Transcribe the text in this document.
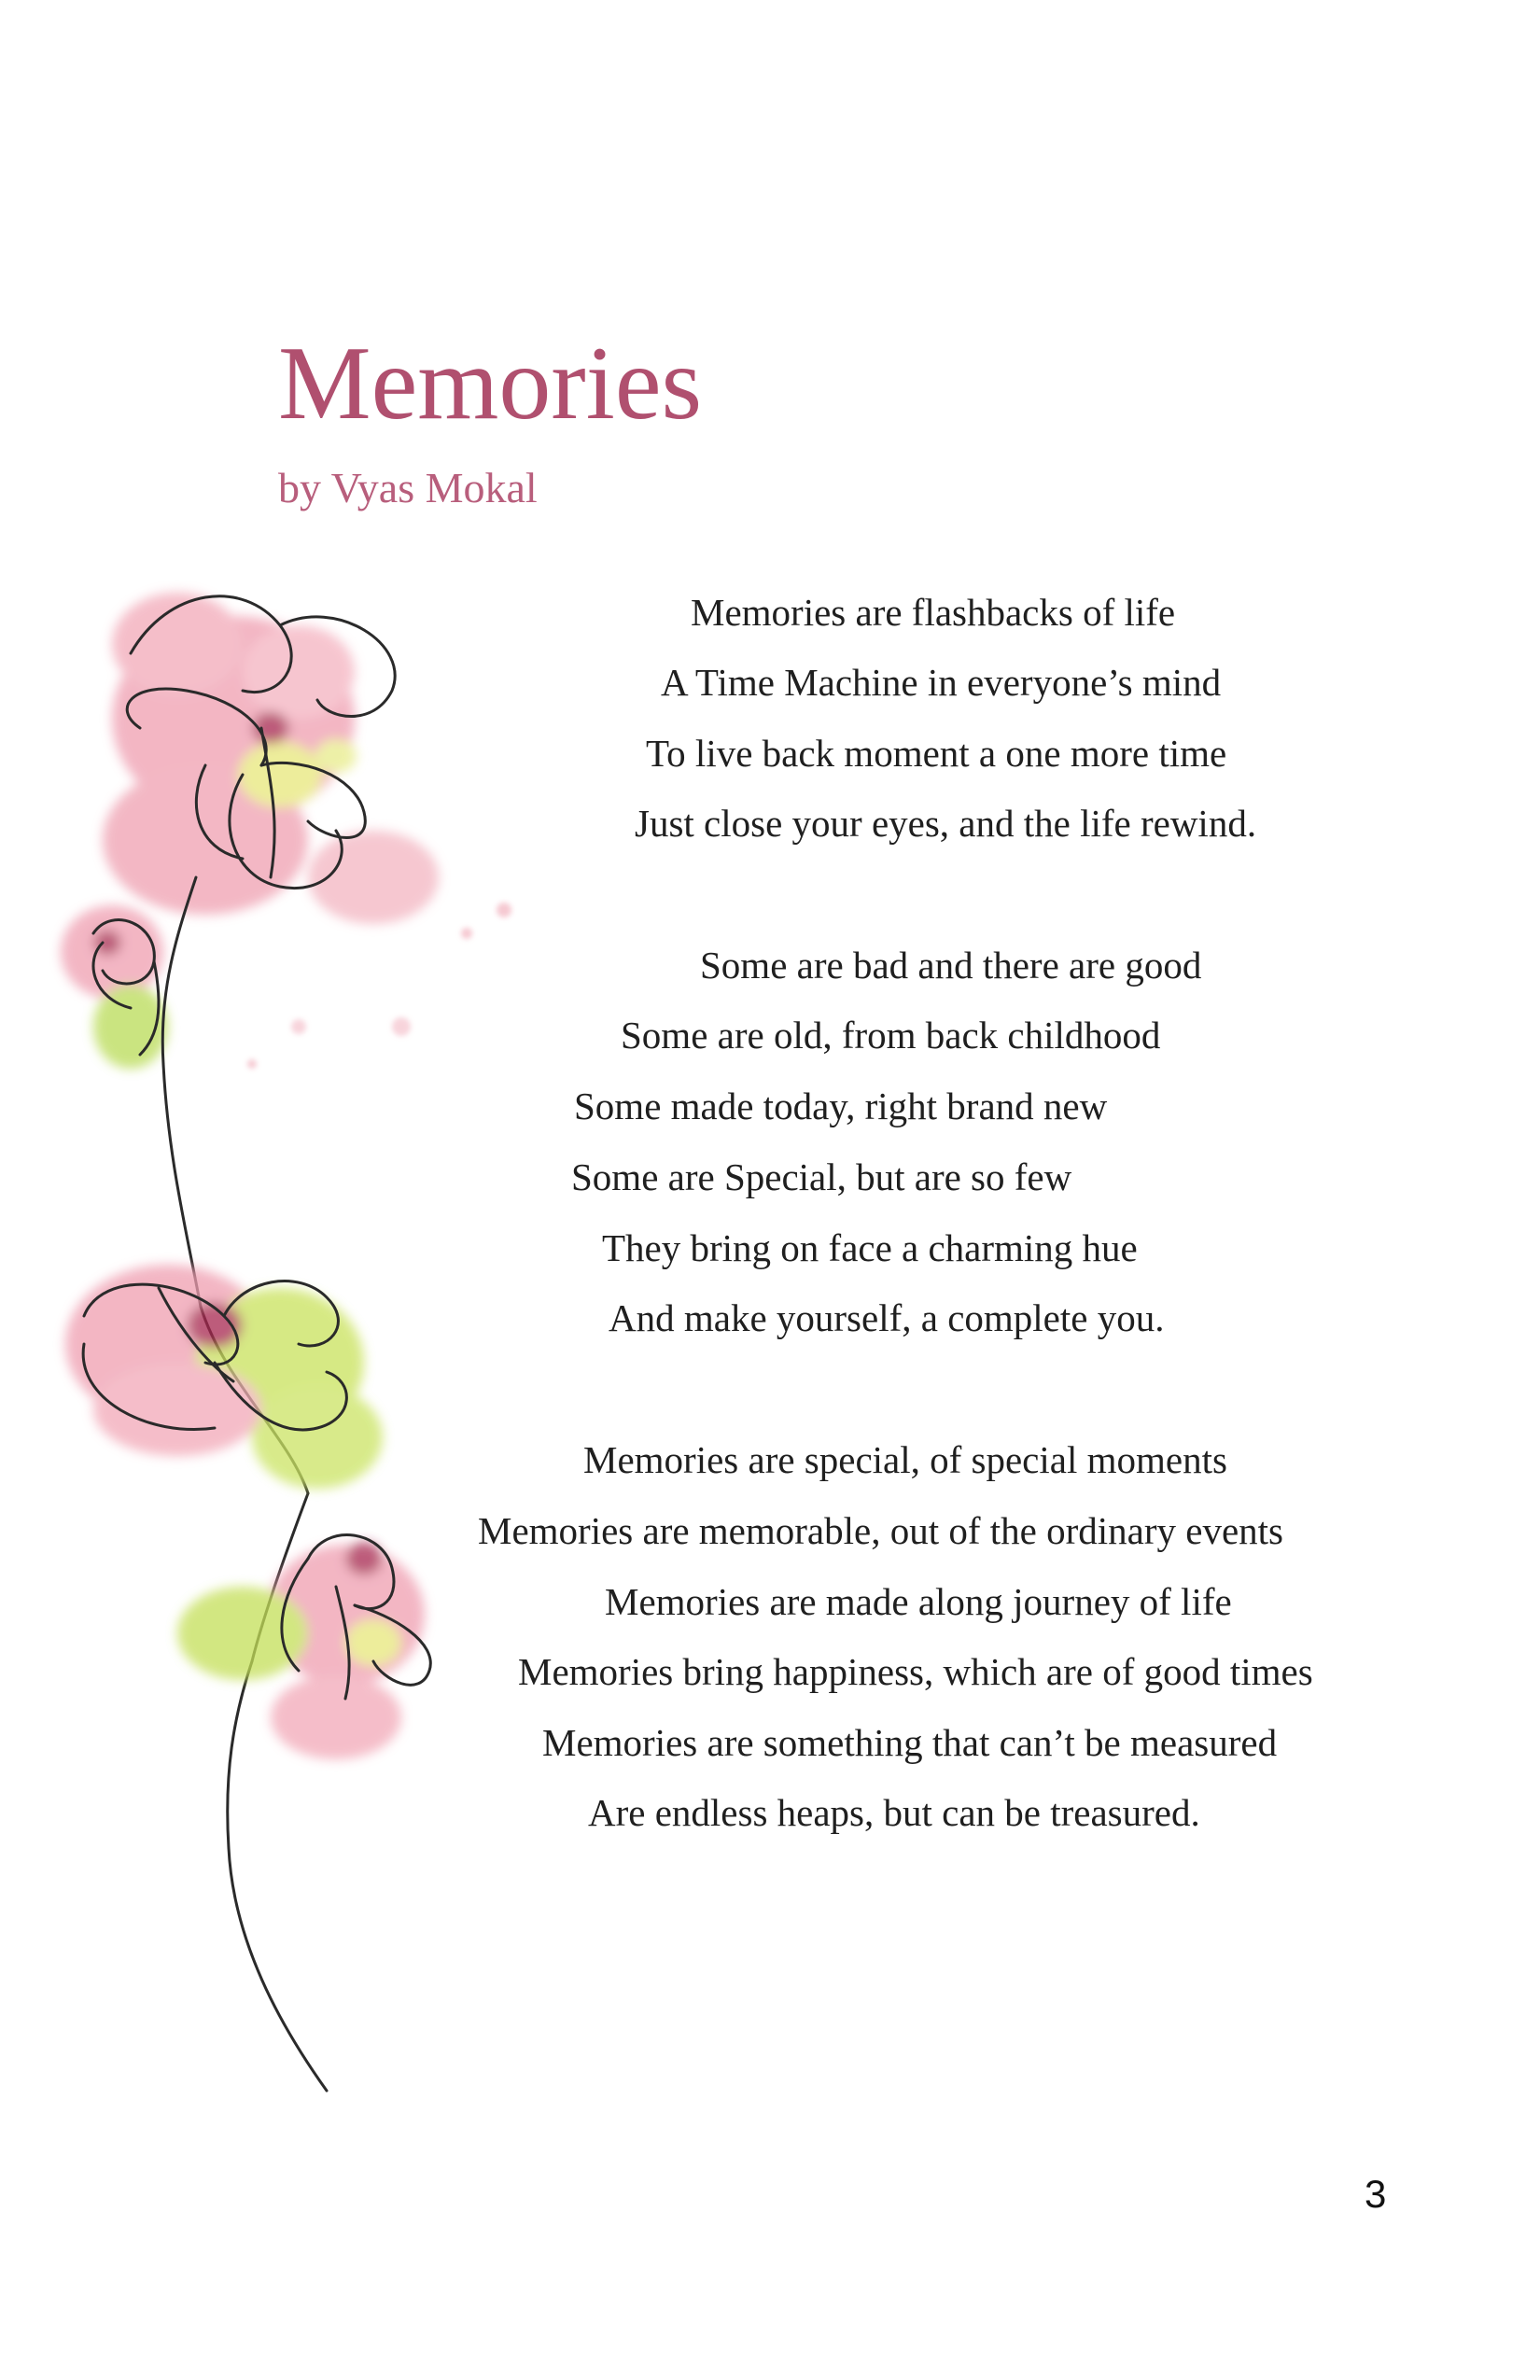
Memories
by Vyas Mokal
Memories are flashbacks of life
A Time Machine in everyone’s mind
To live back moment a one more time
Just close your eyes, and the life rewind.
Some are bad and there are good
Some are old, from back childhood
Some made today, right brand new
Some are Special, but are so few
They bring on face a charming hue
And make yourself, a complete you.
Memories are special, of special moments
Memories are memorable, out of the ordinary events
Memories are made along journey of life
Memories bring happiness, which are of good times
Memories are something that can’t be measured
Are endless heaps, but can be treasured.
3
